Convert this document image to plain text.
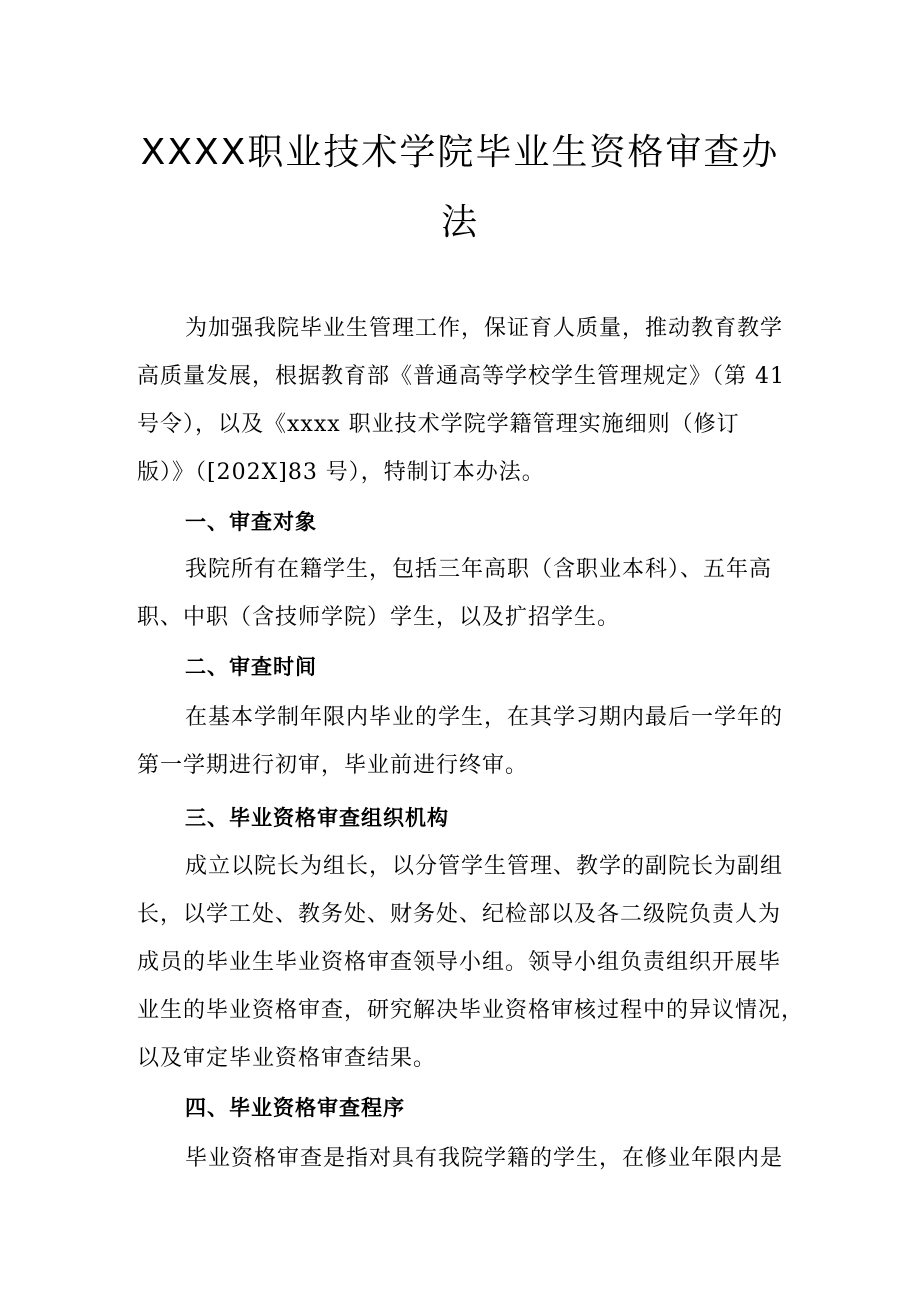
XXXX职业技术学院毕业生资格审查办
法
为加强我院毕业生管理工作，保证育人质量，推动教育教学
高质量发展，根据教育部《普通高等学校学生管理规定》（第 41
号令），以及《xxxx 职业技术学院学籍管理实施细则（修订
版）》（[202X]83 号），特制订本办法。
一、审查对象
我院所有在籍学生，包括三年高职（含职业本科）、五年高
职、中职（含技师学院）学生，以及扩招学生。
二、审查时间
在基本学制年限内毕业的学生，在其学习期内最后一学年的
第一学期进行初审，毕业前进行终审。
三、毕业资格审查组织机构
成立以院长为组长，以分管学生管理、教学的副院长为副组
长，以学工处、教务处、财务处、纪检部以及各二级院负责人为
成员的毕业生毕业资格审查领导小组。领导小组负责组织开展毕
业生的毕业资格审查，研究解决毕业资格审核过程中的异议情况，
以及审定毕业资格审查结果。
四、毕业资格审查程序
毕业资格审查是指对具有我院学籍的学生，在修业年限内是
